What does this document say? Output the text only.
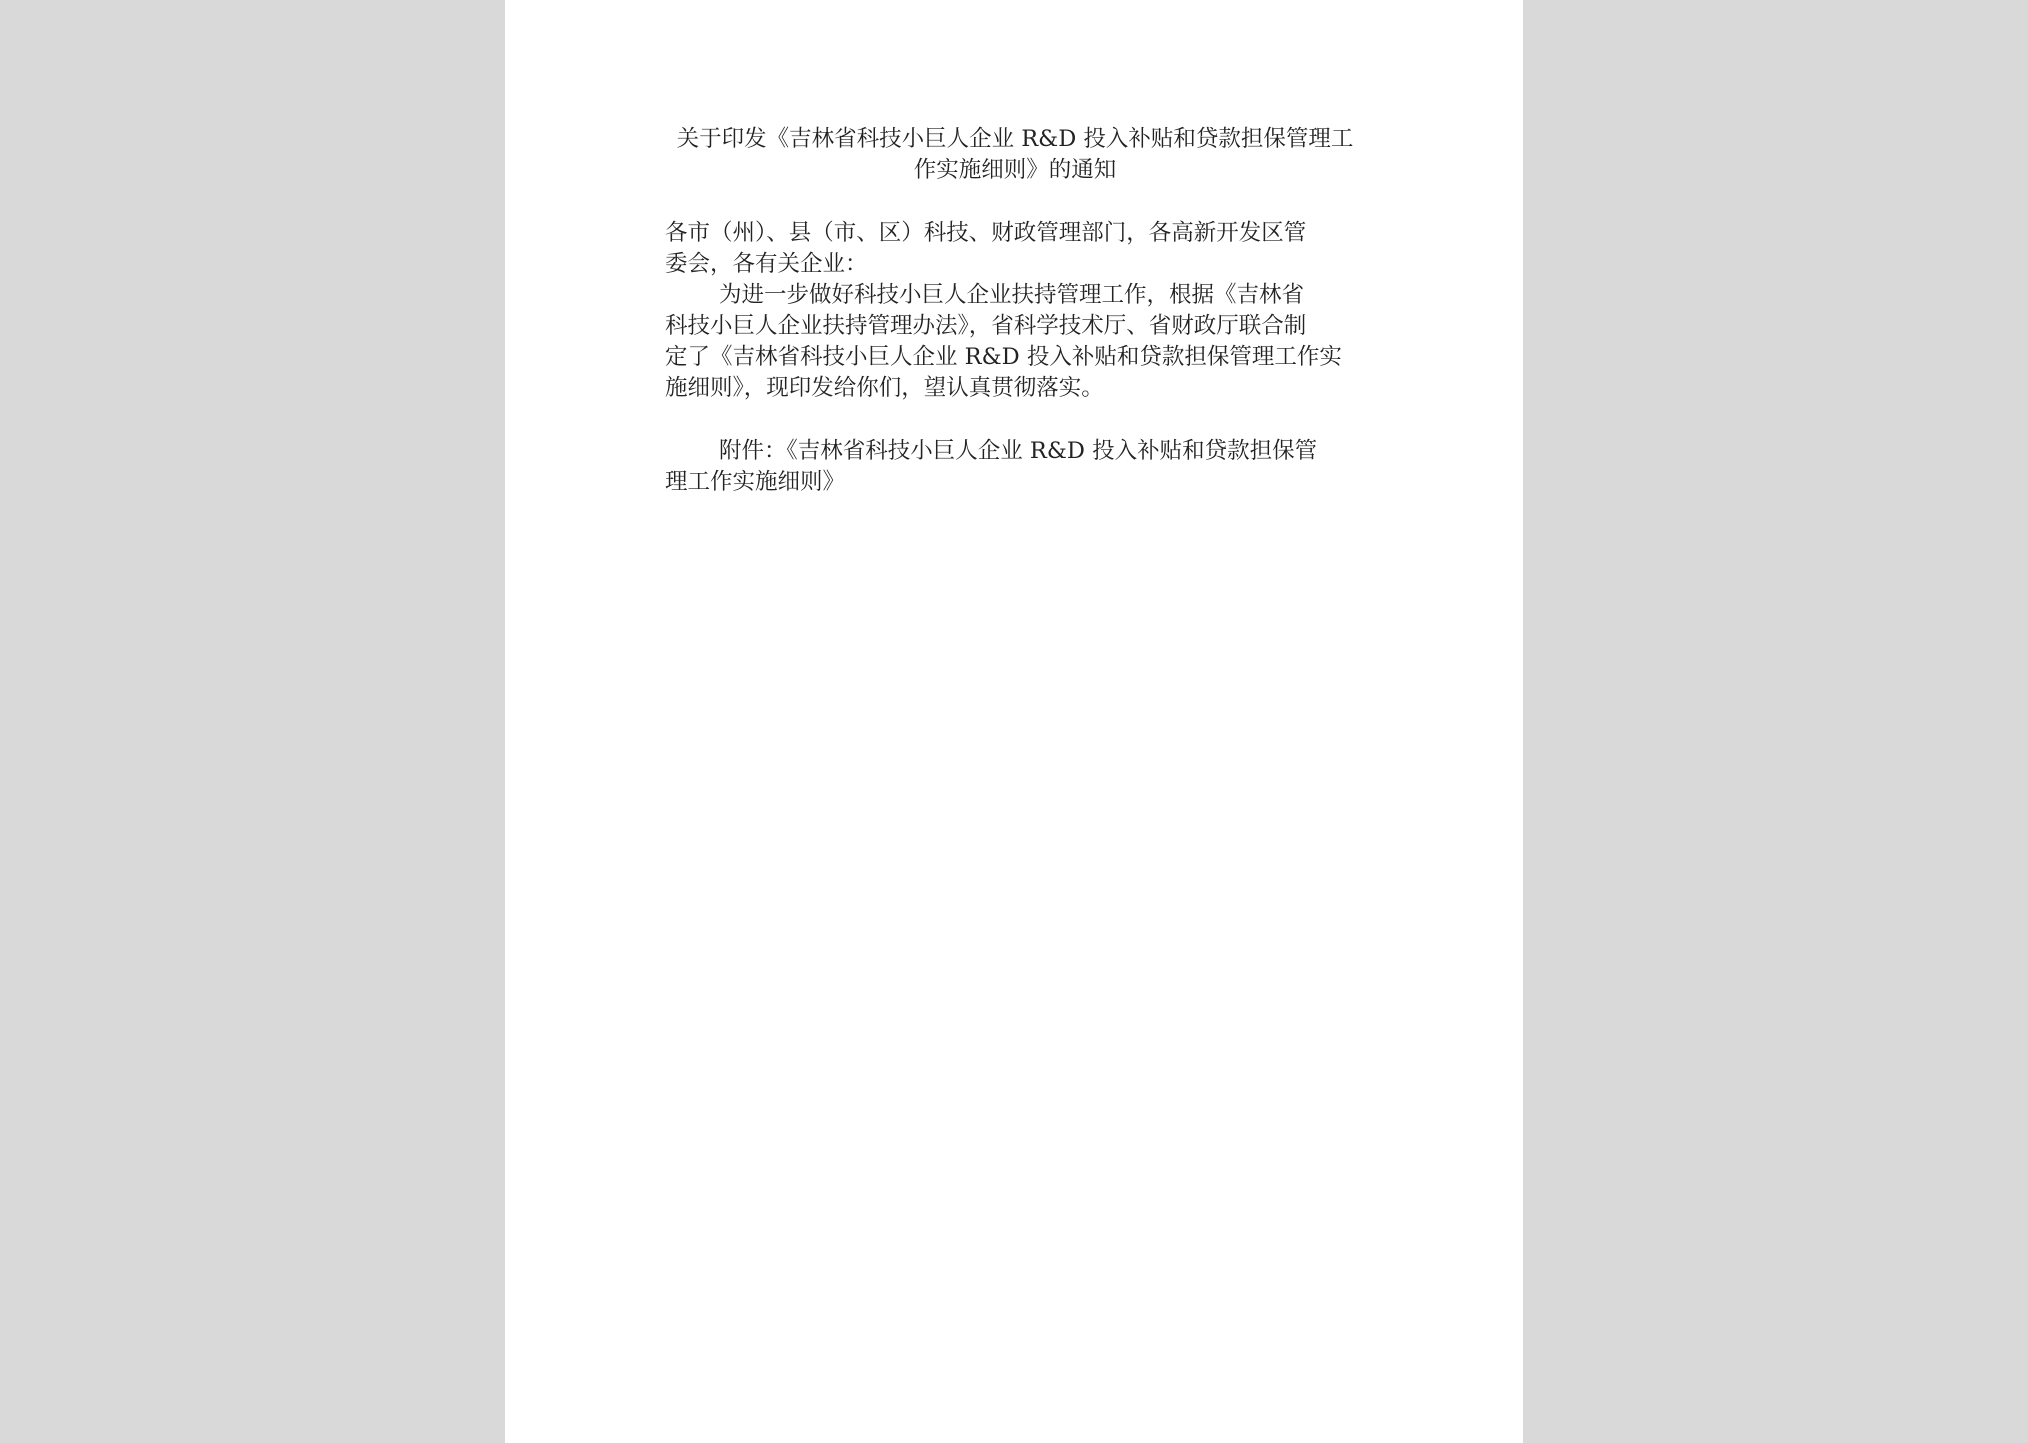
关于印发《吉林省科技小巨人企业 R&D 投入补贴和贷款担保管理工
作实施细则》的通知
各市（州）、县（市、区）科技、财政管理部门，各高新开发区管
委会，各有关企业：
为进一步做好科技小巨人企业扶持管理工作，根据《吉林省
科技小巨人企业扶持管理办法》，省科学技术厅、省财政厅联合制
定了《吉林省科技小巨人企业 R&D 投入补贴和贷款担保管理工作实
施细则》，现印发给你们，望认真贯彻落实。
附件：《吉林省科技小巨人企业 R&D 投入补贴和贷款担保管
理工作实施细则》
